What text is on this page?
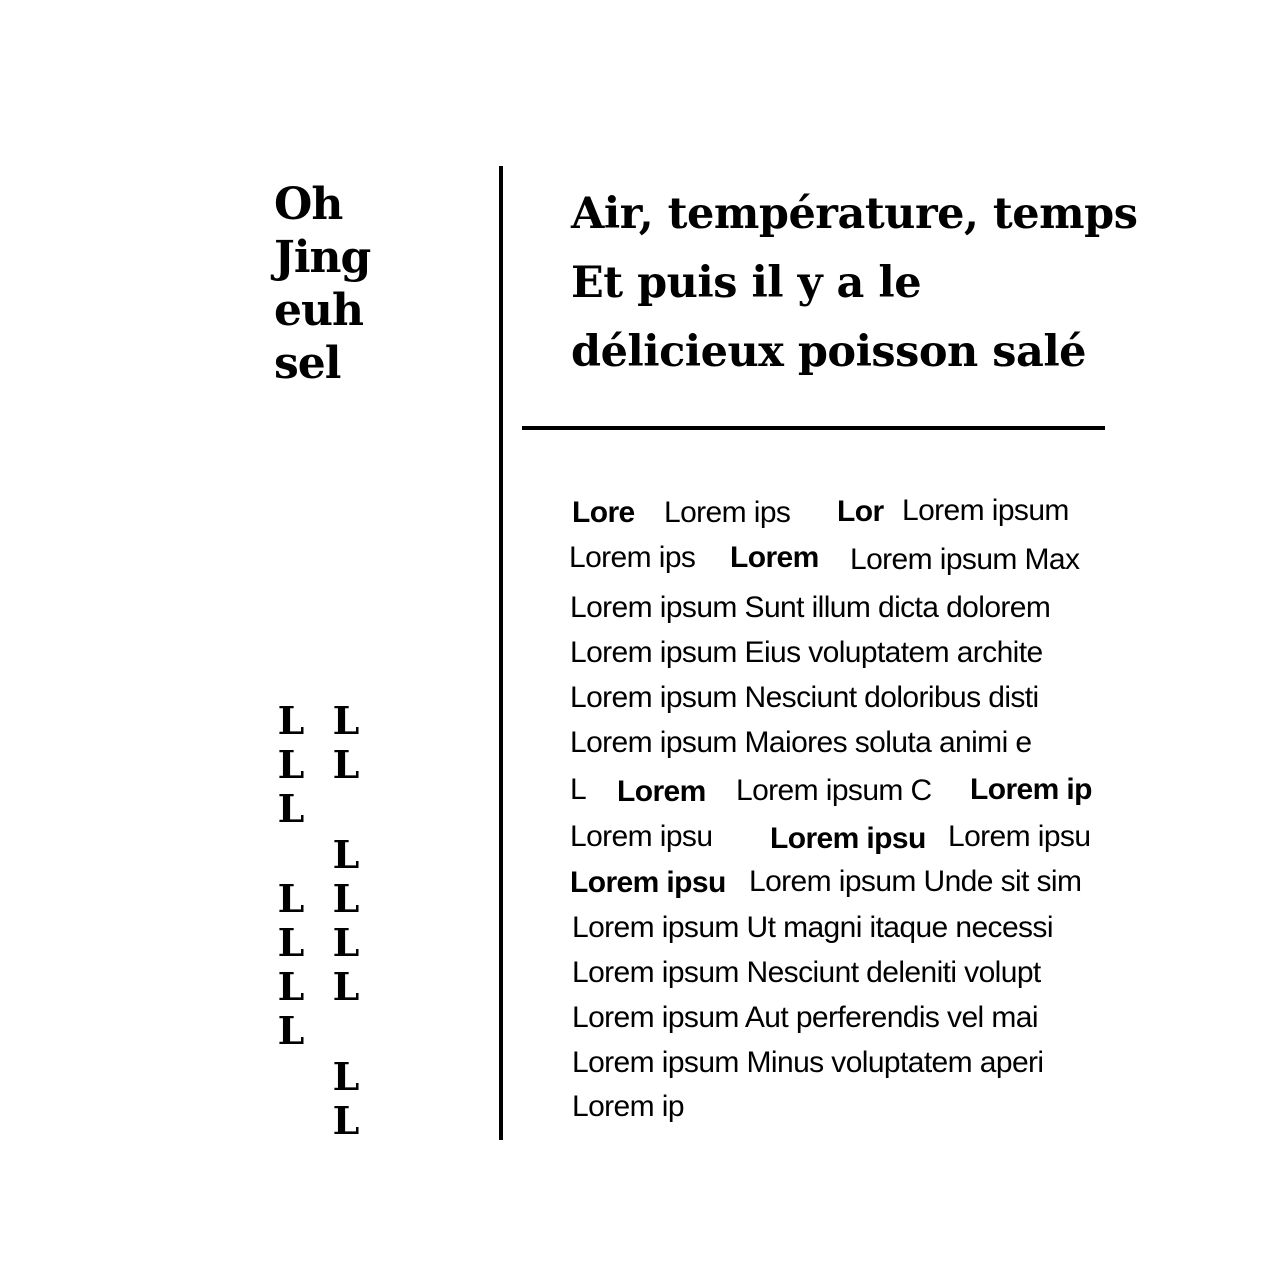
Oh
Jing
euh
sel
Air, température, temps
Et puis il y a le
délicieux poisson salé
Lore Lorem ips Lor Lorem ipsum
Lorem ips Lorem Lorem ipsum Max
Lorem ipsum Sunt illum dicta dolorem
Lorem ipsum Eius voluptatem archite
Lorem ipsum Nesciunt doloribus disti
Lorem ipsum Maiores soluta animi e
L Lorem Lorem ipsum C Lorem ip
Lorem ipsu Lorem ipsu Lorem ipsu
Lorem ipsu Lorem ipsum Unde sit sim
Lorem ipsum Ut magni itaque necessi
Lorem ipsum Nesciunt deleniti volupt
Lorem ipsum Aut perferendis vel mai
Lorem ipsum Minus voluptatem aperi
Lorem ip
L
L
L
L
L
L
L
L
L
L
L
L
L
L
L
